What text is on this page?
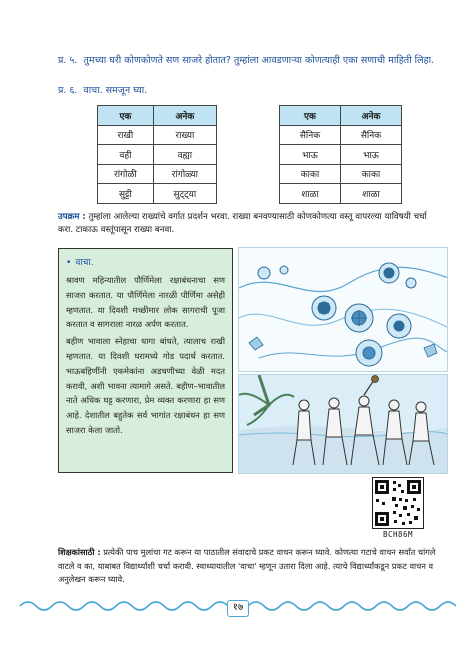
प्र. ५. तुमच्या घरी कोणकोणते सण साजरे होतात? तुम्हांला आवडणाऱ्या कोणत्याही एका सणाची माहिती लिहा.
प्र. ६. वाचा. समजून घ्या.
एक	अनेक
राखी	राख्या
वही	वह्या
रांगोळी	रांगोळ्या
सुट्टी	सुट्ट्या
एक	अनेक
सैनिक	सैनिक
भाऊ	भाऊ
काका	काका
शाळा	शाळा
उपक्रम : तुम्हांला आलेल्या राख्यांचे वर्गात प्रदर्शन भरवा. राख्या बनवण्यासाठी कोणकोणत्या वस्तू वापरल्या याविषयी चर्चा करा. टाकाऊ वस्तूंपासून राख्या बनवा.
• वाचा.

श्रावण महिन्यातील पौर्णिमेला रक्षाबंधनाचा सण साजरा करतात. या पौर्णिमेला नारळी पौर्णिमा असेही म्हणतात. या दिवशी मच्छीमार लोक सागराची पूजा करतात व सागराला नारळ अर्पण करतात.

बहीण भावाला स्नेहाचा धागा बांधते, त्यालाच राखी म्हणतात. या दिवशी घरामध्ये गोड पदार्थ करतात. भाऊबहिणींनी एकमेकांना अडचणीच्या वेळी मदत करावी, अशी भावना त्यामागे असते. बहीण–भावातील नाते अधिक घट्ट करणारा, प्रेम व्यक्त करणारा हा सण आहे. देशातील बहुतेक सर्व भागांत रक्षाबंधन हा सण साजरा केला जातो.

BCH86M
शिक्षकांसाठी : प्रत्येकी पाच मुलांचा गट करून या पाठातील संवादाचे प्रकट वाचन करून घ्यावे. कोणत्या गटाचे वाचन सर्वांत चांगले वाटले व का, याबाबत विद्यार्थ्यांशी चर्चा करावी. स्वाध्यायातील 'वाचा' म्हणून उतारा दिला आहे. त्याचे विद्यार्थ्यांकडून प्रकट वाचन व अनुलेखन करून घ्यावे.
१७
